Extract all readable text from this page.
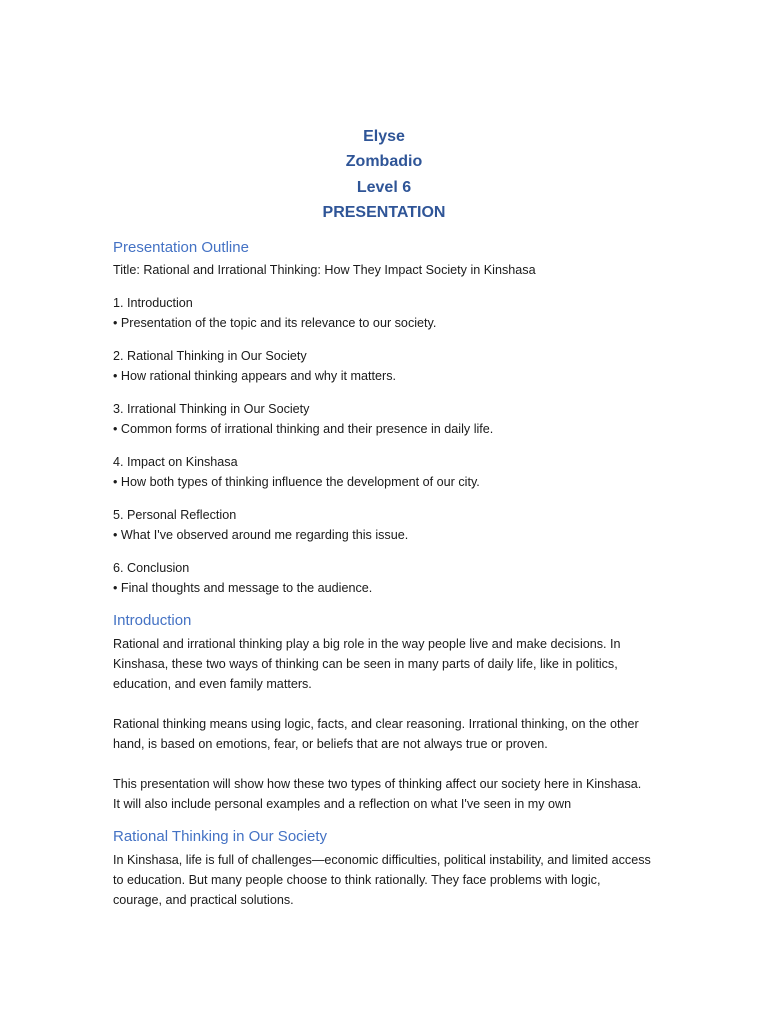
Elyse
Zombadio
Level 6
PRESENTATION
Presentation Outline
Title: Rational and Irrational Thinking: How They Impact Society in Kinshasa
1. Introduction
• Presentation of the topic and its relevance to our society.
2. Rational Thinking in Our Society
• How rational thinking appears and why it matters.
3. Irrational Thinking in Our Society
• Common forms of irrational thinking and their presence in daily life.
4. Impact on Kinshasa
• How both types of thinking influence the development of our city.
5. Personal Reflection
• What I've observed around me regarding this issue.
6. Conclusion
• Final thoughts and message to the audience.
Introduction
Rational and irrational thinking play a big role in the way people live and make decisions. In
Kinshasa, these two ways of thinking can be seen in many parts of daily life, like in politics,
education, and even family matters.
Rational thinking means using logic, facts, and clear reasoning. Irrational thinking, on the other
hand, is based on emotions, fear, or beliefs that are not always true or proven.
This presentation will show how these two types of thinking affect our society here in Kinshasa.
It will also include personal examples and a reflection on what I've seen in my own
Rational Thinking in Our Society
In Kinshasa, life is full of challenges—economic difficulties, political instability, and limited access
to education. But many people choose to think rationally. They face problems with logic,
courage, and practical solutions.
